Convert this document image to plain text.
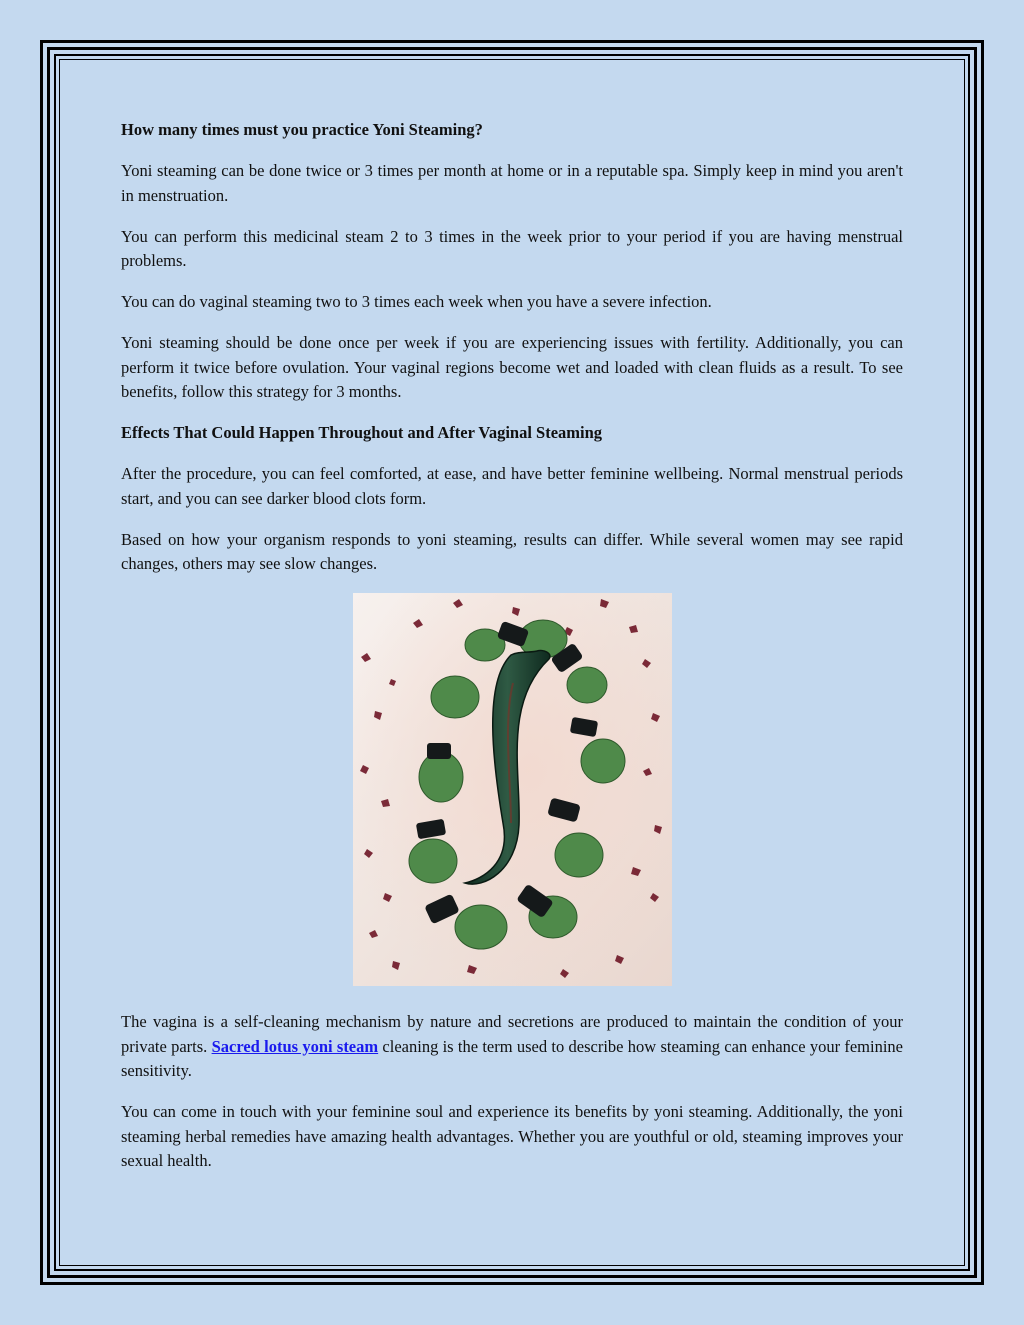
How many times must you practice Yoni Steaming?

Yoni steaming can be done twice or 3 times per month at home or in a reputable spa. Simply keep in mind you aren't in menstruation.

You can perform this medicinal steam 2 to 3 times in the week prior to your period if you are having menstrual problems.

You can do vaginal steaming two to 3 times each week when you have a severe infection.

Yoni steaming should be done once per week if you are experiencing issues with fertility. Additionally, you can perform it twice before ovulation. Your vaginal regions become wet and loaded with clean fluids as a result. To see benefits, follow this strategy for 3 months.

Effects That Could Happen Throughout and After Vaginal Steaming

After the procedure, you can feel comforted, at ease, and have better feminine wellbeing. Normal menstrual periods start, and you can see darker blood clots form.

Based on how your organism responds to yoni steaming, results can differ. While several women may see rapid changes, others may see slow changes.

The vagina is a self-cleaning mechanism by nature and secretions are produced to maintain the condition of your private parts. Sacred lotus yoni steam cleaning is the term used to describe how steaming can enhance your feminine sensitivity.

You can come in touch with your feminine soul and experience its benefits by yoni steaming. Additionally, the yoni steaming herbal remedies have amazing health advantages. Whether you are youthful or old, steaming improves your sexual health.
